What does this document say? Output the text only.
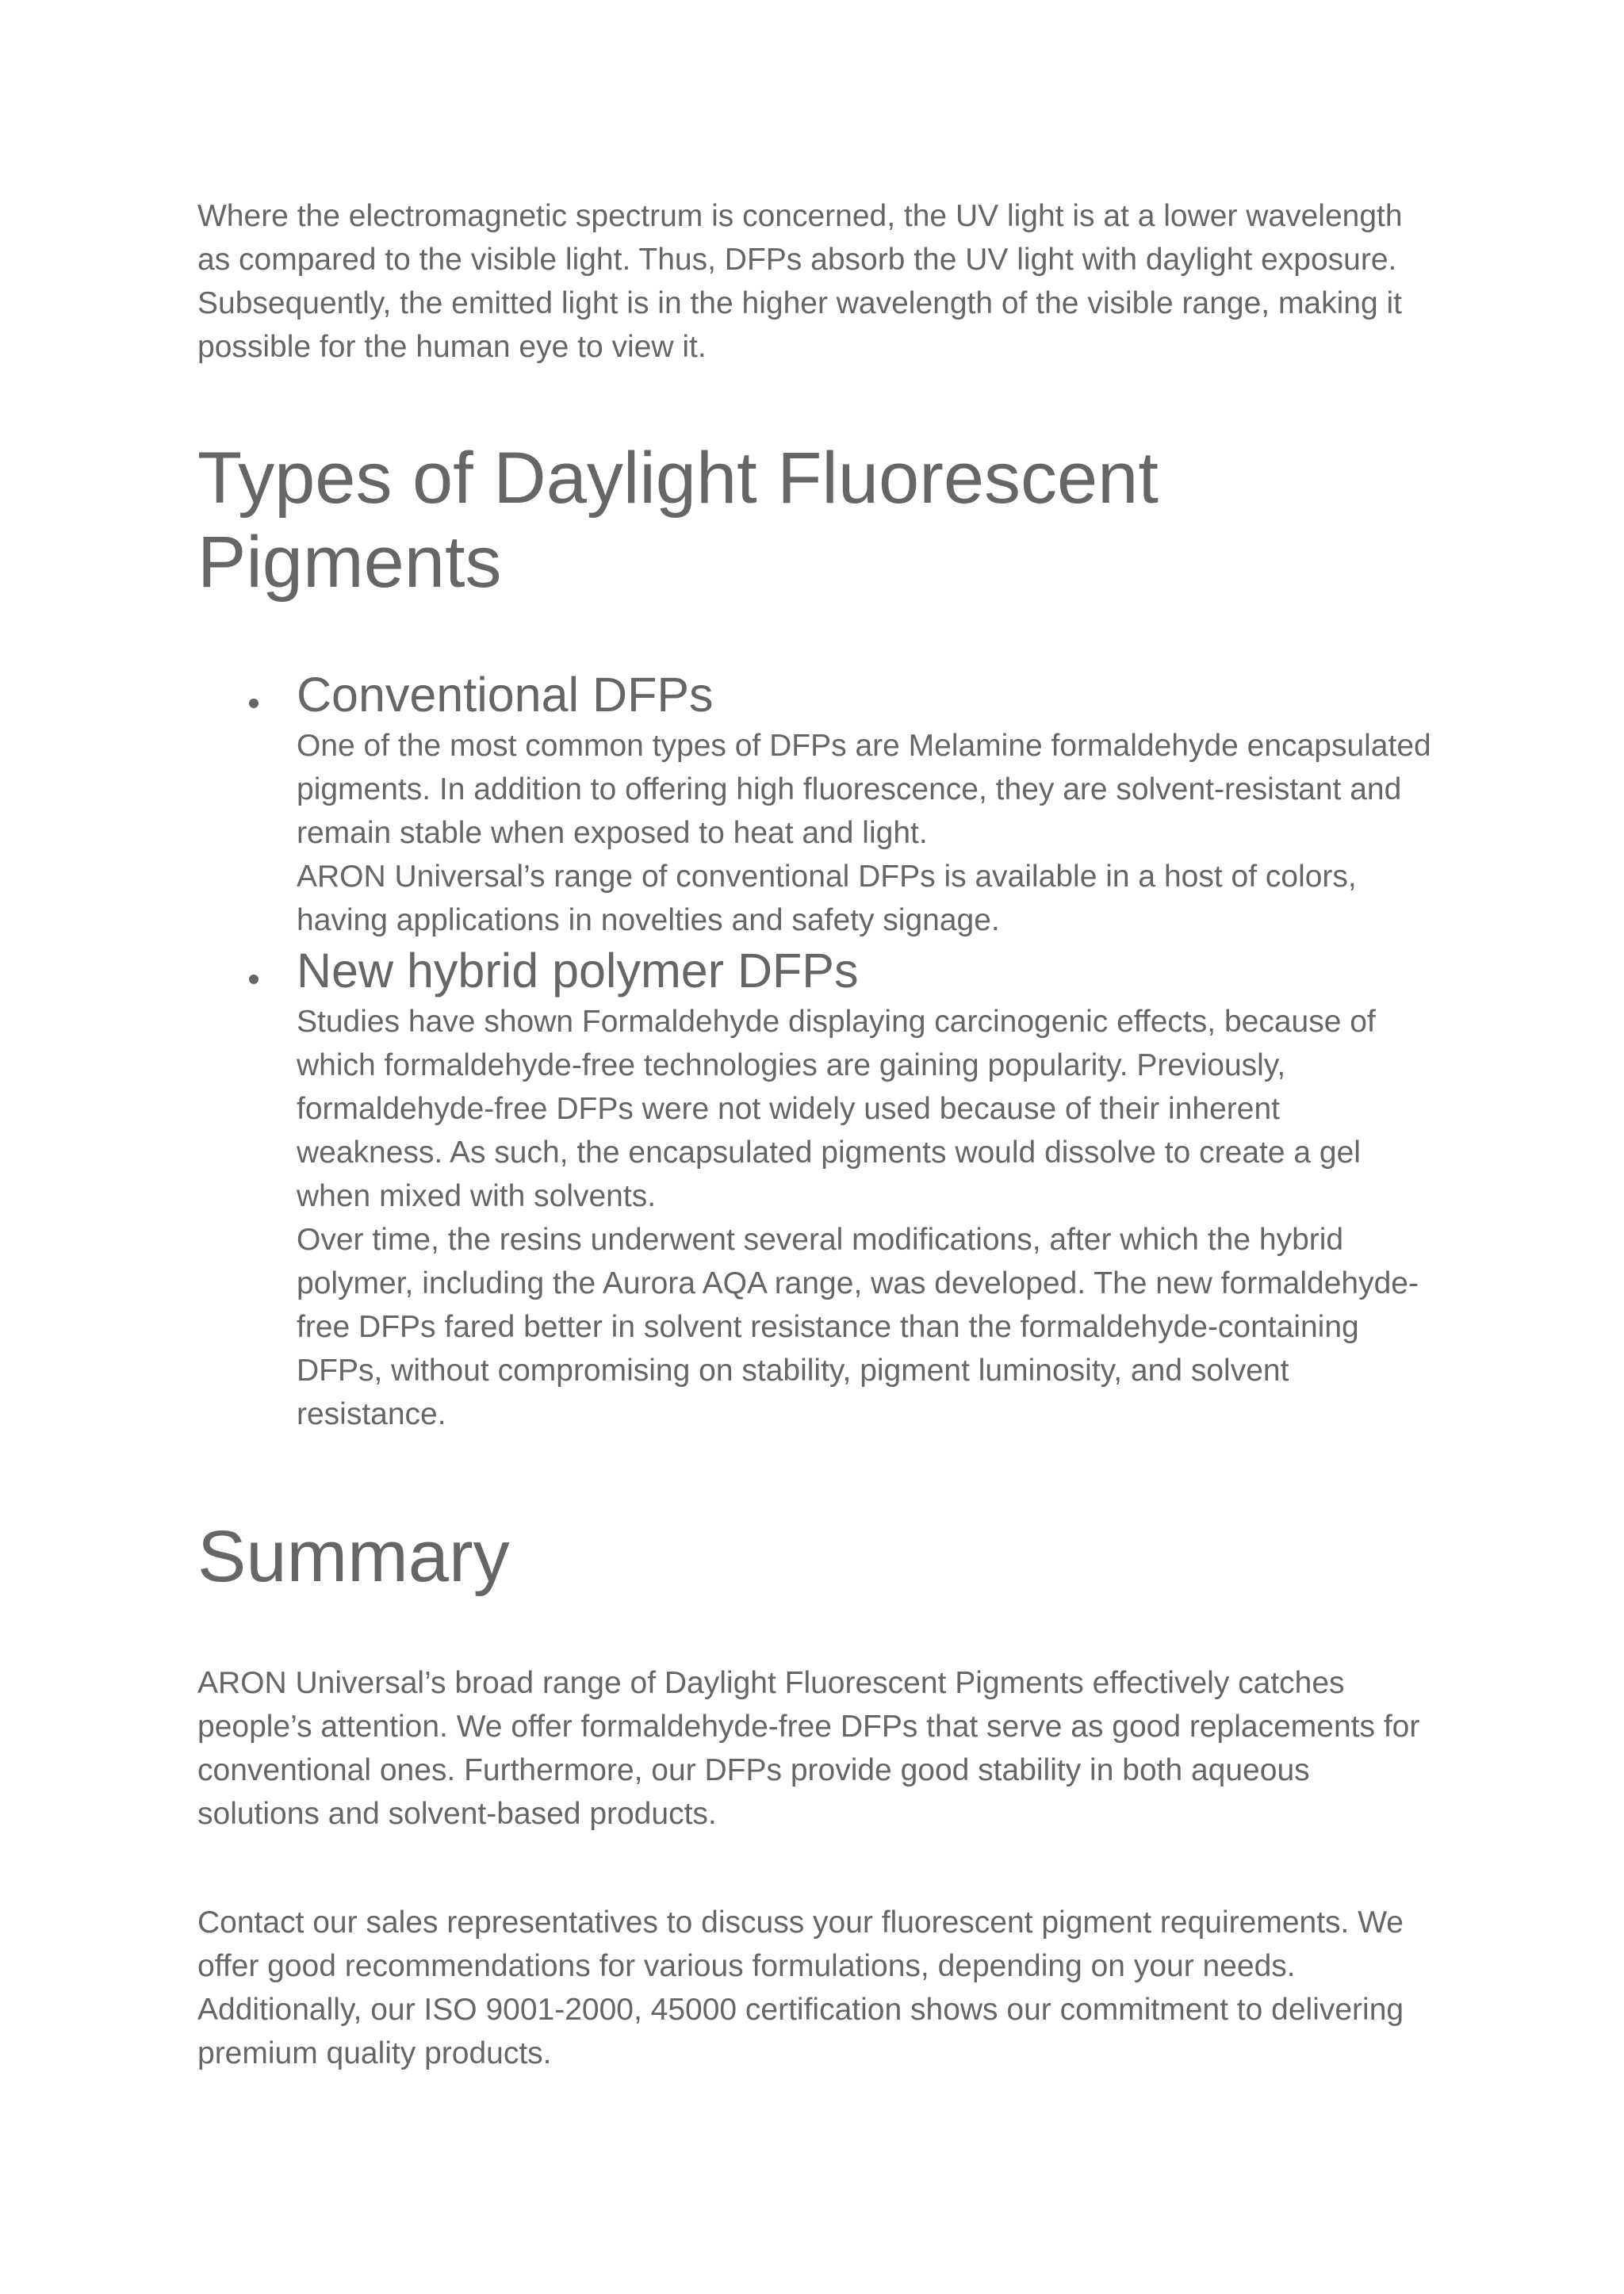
Where the electromagnetic spectrum is concerned, the UV light is at a lower wavelength as compared to the visible light. Thus, DFPs absorb the UV light with daylight exposure. Subsequently, the emitted light is in the higher wavelength of the visible range, making it possible for the human eye to view it.

Types of Daylight Fluorescent Pigments
Conventional DFPs

One of the most common types of DFPs are Melamine formaldehyde encapsulated pigments. In addition to offering high fluorescence, they are solvent-resistant and remain stable when exposed to heat and light.

ARON Universal’s range of conventional DFPs is available in a host of colors, having applications in novelties and safety signage.

New hybrid polymer DFPs

Studies have shown Formaldehyde displaying carcinogenic effects, because of which formaldehyde-free technologies are gaining popularity. Previously, formaldehyde-free DFPs were not widely used because of their inherent weakness. As such, the encapsulated pigments would dissolve to create a gel when mixed with solvents.

Over time, the resins underwent several modifications, after which the hybrid polymer, including the Aurora AQA range, was developed. The new formaldehyde-free DFPs fared better in solvent resistance than the formaldehyde-containing DFPs, without compromising on stability, pigment luminosity, and solvent resistance.

Summary

ARON Universal’s broad range of Daylight Fluorescent Pigments effectively catches people’s attention. We offer formaldehyde-free DFPs that serve as good replacements for conventional ones. Furthermore, our DFPs provide good stability in both aqueous solutions and solvent-based products.

Contact our sales representatives to discuss your fluorescent pigment requirements. We offer good recommendations for various formulations, depending on your needs. Additionally, our ISO 9001-2000, 45000 certification shows our commitment to delivering premium quality products.
